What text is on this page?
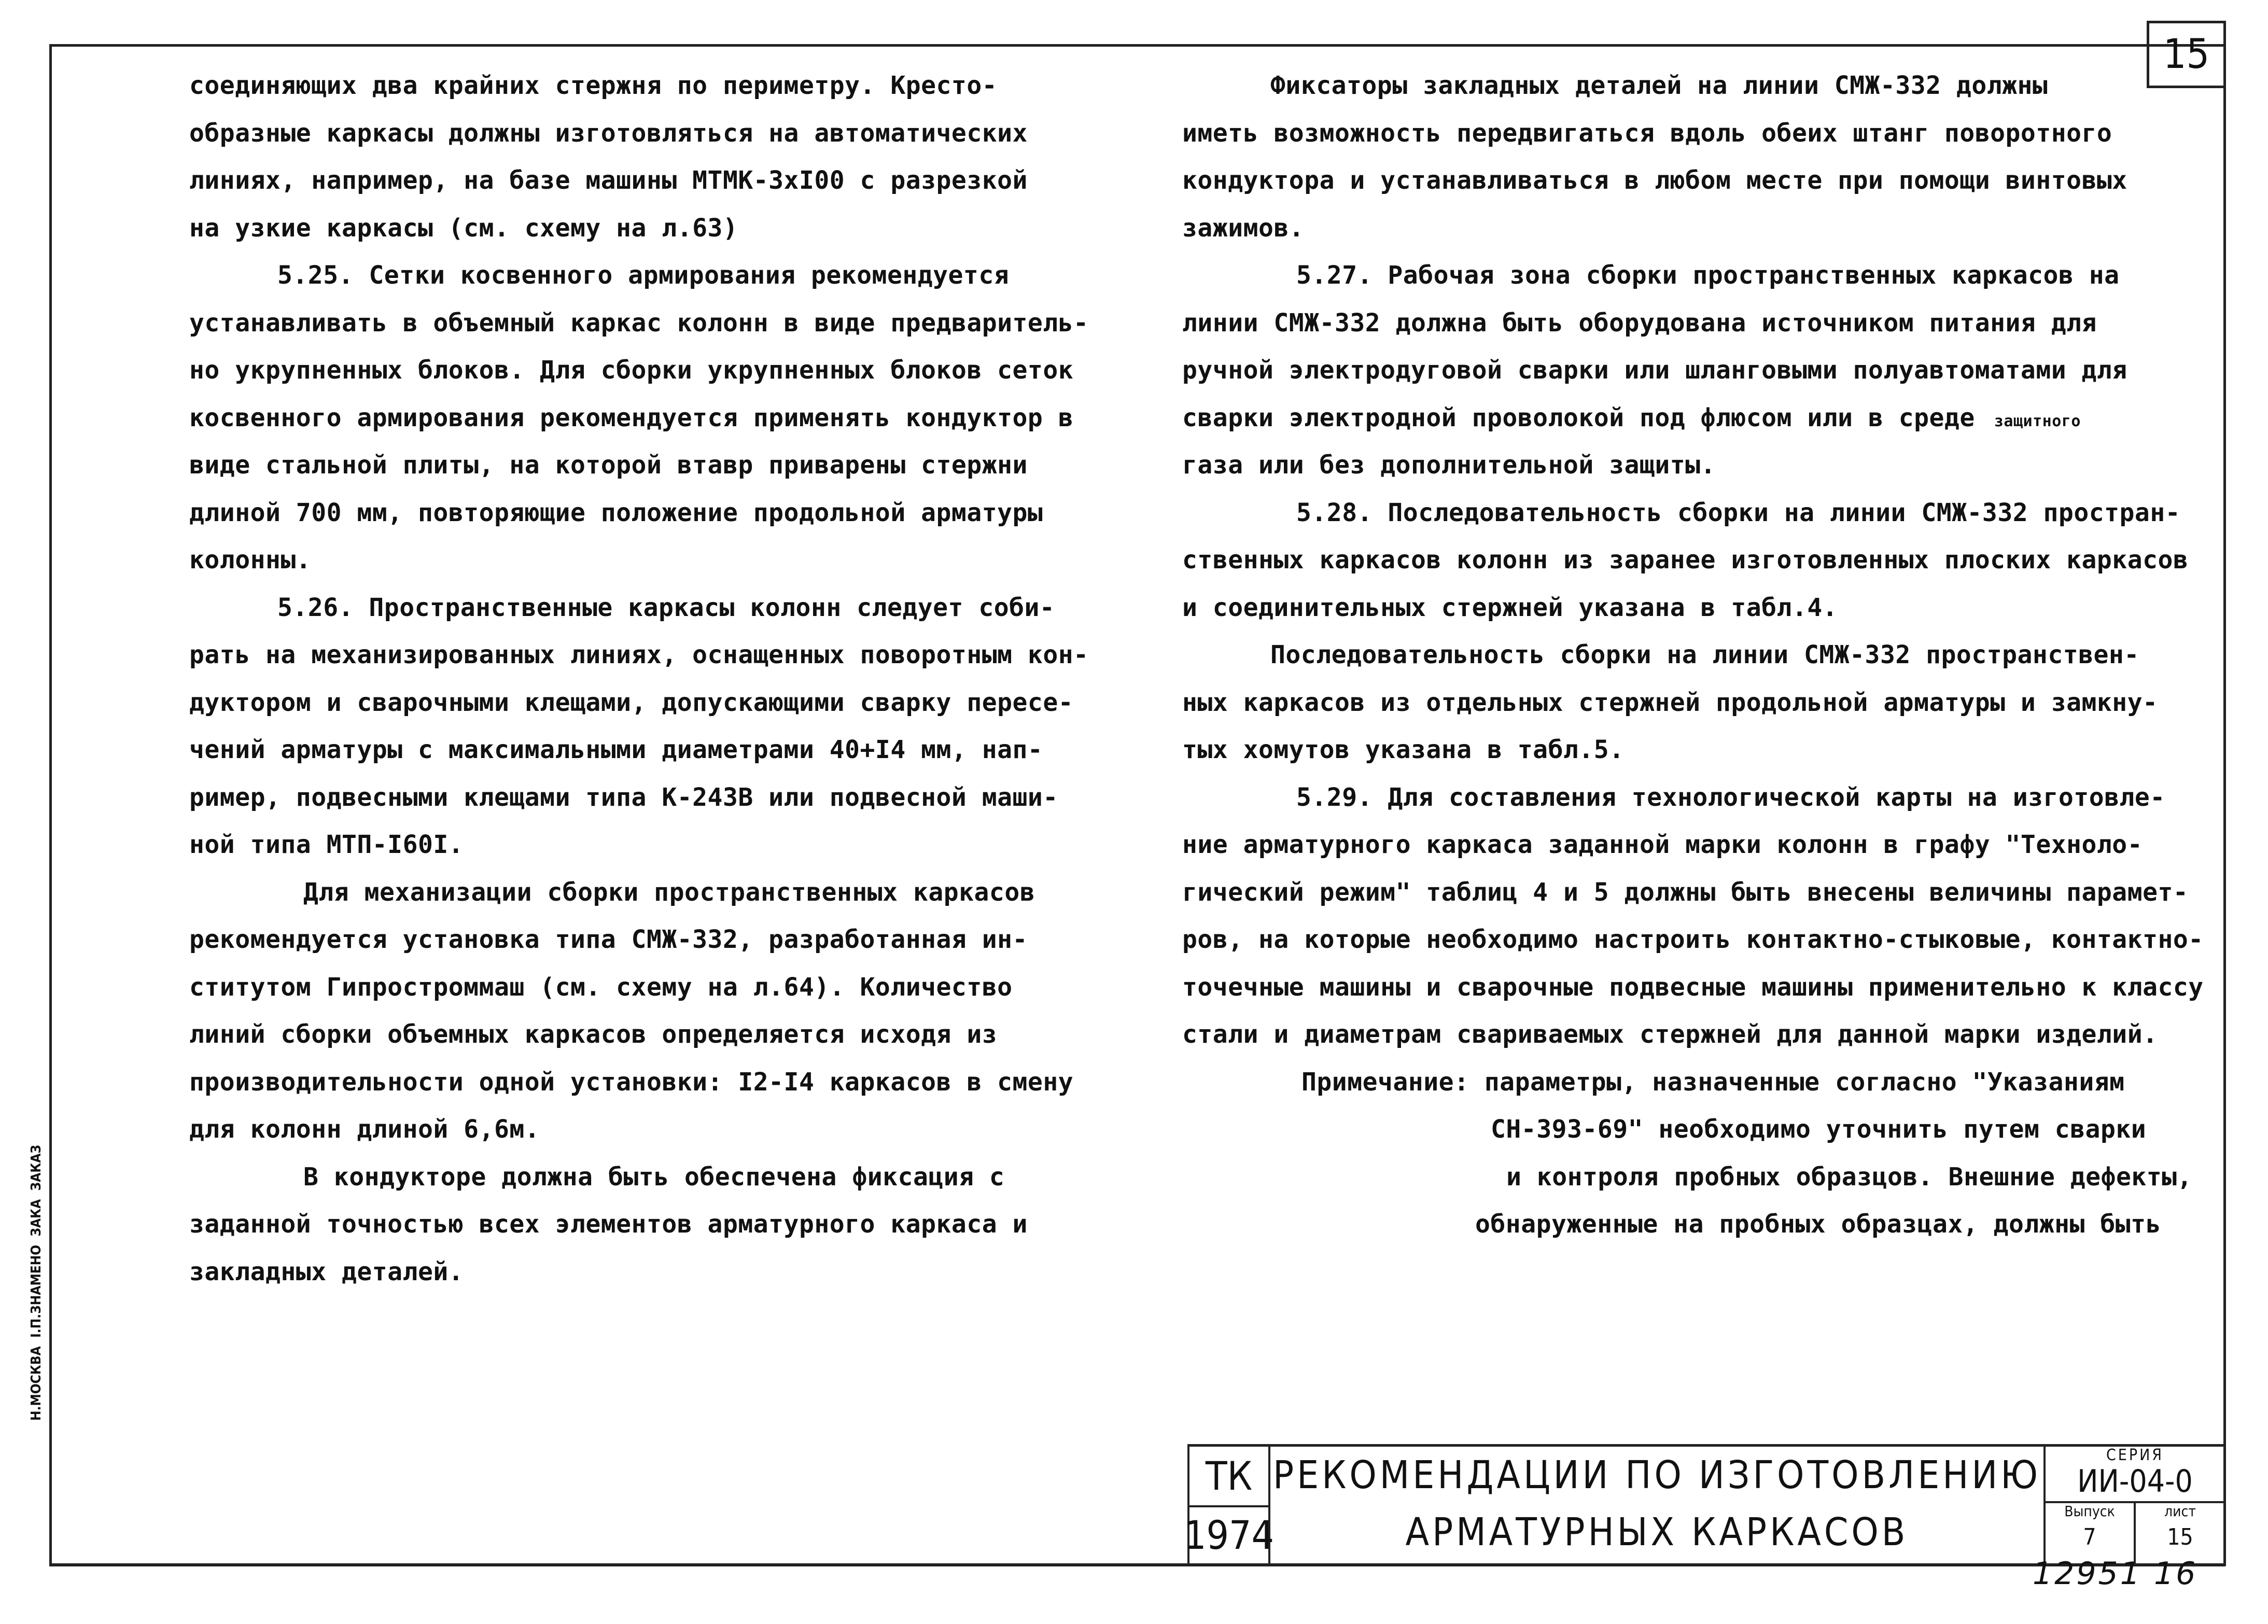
15
Н.МОСКВА  I.П.ЗНАМЕНО  ЗАКА  ЗАКАЗ
соединяющих два крайних стержня по периметру. Кресто-
образные каркасы должны изготовляться на автоматических
линиях, например, на базе машины МТМК-3хI00 с разрезкой
на узкие каркасы (см. схему на л.63)
5.25. Сетки косвенного армирования рекомендуется
устанавливать в объемный каркас колонн в виде предваритель-
но укрупненных блоков. Для сборки укрупненных блоков сеток
косвенного армирования рекомендуется применять кондуктор в
виде стальной плиты, на которой втавр приварены стержни
длиной 700 мм, повторяющие положение продольной арматуры
колонны.
5.26. Пространственные каркасы колонн следует соби-
рать на механизированных линиях, оснащенных поворотным кон-
дуктором и сварочными клещами, допускающими сварку пересе-
чений арматуры с максимальными диаметрами 40+I4 мм, нап-
ример, подвесными клещами типа К-243В или подвесной маши-
ной типа МТП-I60I.
Для механизации сборки пространственных каркасов
рекомендуется установка типа СМЖ-332, разработанная ин-
ститутом Гипростроммаш (см. схему на л.64). Количество
линий сборки объемных каркасов определяется исходя из
производительности одной установки: I2-I4 каркасов в смену
для колонн длиной 6,6м.
В кондукторе должна быть обеспечена фиксация с
заданной точностью всех элементов арматурного каркаса и
закладных деталей.
Фиксаторы закладных деталей на линии СМЖ-332 должны
иметь возможность передвигаться вдоль обеих штанг поворотного
кондуктора и устанавливаться в любом месте при помощи винтовых
зажимов.
5.27. Рабочая зона сборки пространственных каркасов на
линии СМЖ-332 должна быть оборудована источником питания для
ручной электродуговой сварки или шланговыми полуавтоматами для
сварки электродной проволокой под флюсом или в среде  защитного
газа или без дополнительной защиты.
5.28. Последовательность сборки на линии СМЖ-332 простран-
ственных каркасов колонн из заранее изготовленных плоских каркасов
и соединительных стержней указана в табл.4.
Последовательность сборки на линии СМЖ-332 пространствен-
ных каркасов из отдельных стержней продольной арматуры и замкну-
тых хомутов указана в табл.5.
5.29. Для составления технологической карты на изготовле-
ние арматурного каркаса заданной марки колонн в графу "Техноло-
гический режим" таблиц 4 и 5 должны быть внесены величины парамет-
ров, на которые необходимо настроить контактно-стыковые, контактно-
точечные машины и сварочные подвесные машины применительно к классу
стали и диаметрам свариваемых стержней для данной марки изделий.
Примечание: параметры, назначенные согласно "Указаниям
СН-393-69" необходимо уточнить путем сварки
и контроля пробных образцов. Внешние дефекты,
обнаруженные на пробных образцах, должны быть
ТК
1974
РЕКОМЕНДАЦИИ ПО ИЗГОТОВЛЕНИЮ
АРМАТУРНЫХ КАРКАСОВ
СЕРИЯ
ИИ-04-0
Выпуск
7
лист
15
12951 16
